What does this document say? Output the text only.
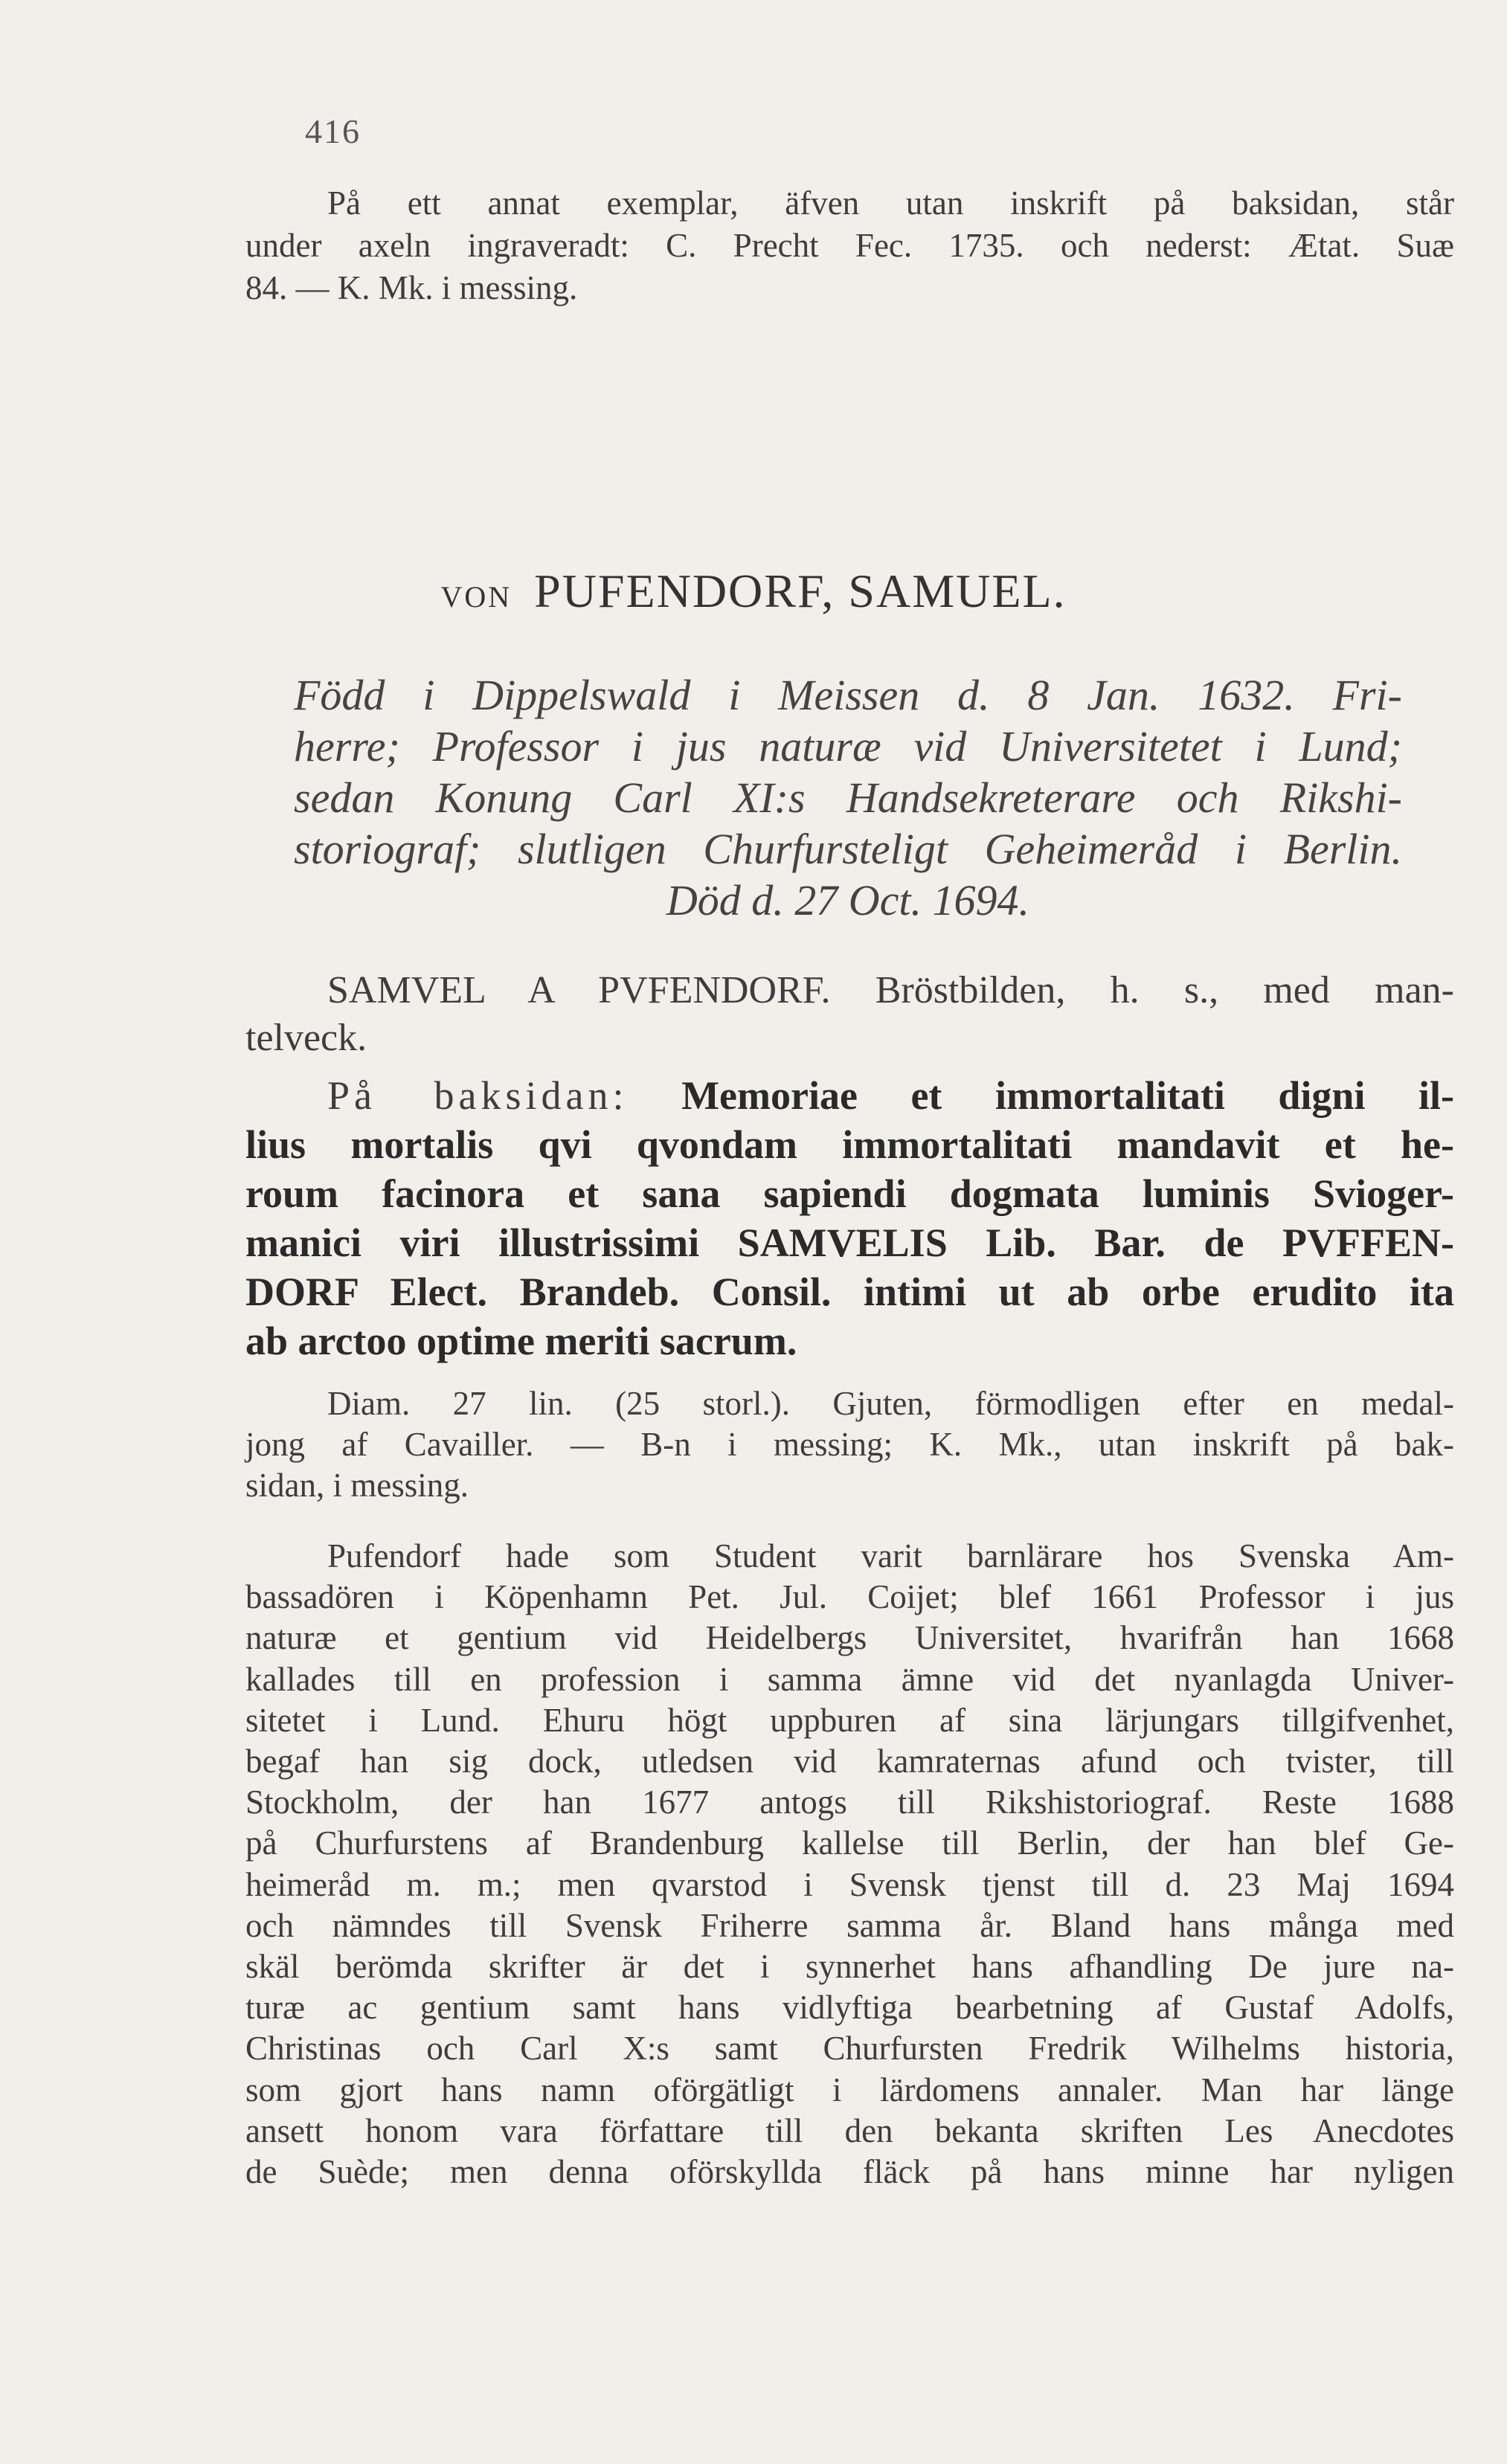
416
På ett annat exemplar, äfven utan inskrift på baksidan, står
under axeln ingraveradt: C. Precht Fec. 1735. och nederst: Ætat. Suæ
84. — K. Mk. i messing.
VON PUFENDORF, SAMUEL.
Född i Dippelswald i Meissen d. 8 Jan. 1632. Fri-
herre; Professor i jus naturæ vid Universitetet i Lund;
sedan Konung Carl XI:s Handsekreterare och Rikshi-
storiograf; slutligen Churfursteligt Geheimeråd i Berlin.
Död d. 27 Oct. 1694.
SAMVEL A PVFENDORF. Bröstbilden, h. s., med man-
telveck.
På baksidan: Memoriae et immortalitati digni il-
lius mortalis qvi qvondam immortalitati mandavit et he-
roum facinora et sana sapiendi dogmata luminis Svioger-
manici viri illustrissimi SAMVELIS Lib. Bar. de PVFFEN-
DORF Elect. Brandeb. Consil. intimi ut ab orbe erudito ita
ab arctoo optime meriti sacrum.
Diam. 27 lin. (25 storl.). Gjuten, förmodligen efter en medal-
jong af Cavailler. — B-n i messing; K. Mk., utan inskrift på bak-
sidan, i messing.
Pufendorf hade som Student varit barnlärare hos Svenska Am-
bassadören i Köpenhamn Pet. Jul. Coijet; blef 1661 Professor i jus
naturæ et gentium vid Heidelbergs Universitet, hvarifrån han 1668
kallades till en profession i samma ämne vid det nyanlagda Univer-
sitetet i Lund. Ehuru högt uppburen af sina lärjungars tillgifvenhet,
begaf han sig dock, utledsen vid kamraternas afund och tvister, till
Stockholm, der han 1677 antogs till Rikshistoriograf. Reste 1688
på Churfurstens af Brandenburg kallelse till Berlin, der han blef Ge-
heimeråd m. m.; men qvarstod i Svensk tjenst till d. 23 Maj 1694
och nämndes till Svensk Friherre samma år. Bland hans många med
skäl berömda skrifter är det i synnerhet hans afhandling De jure na-
turæ ac gentium samt hans vidlyftiga bearbetning af Gustaf Adolfs,
Christinas och Carl X:s samt Churfursten Fredrik Wilhelms historia,
som gjort hans namn oförgätligt i lärdomens annaler. Man har länge
ansett honom vara författare till den bekanta skriften Les Anecdotes
de Suède; men denna oförskyllda fläck på hans minne har nyligen
